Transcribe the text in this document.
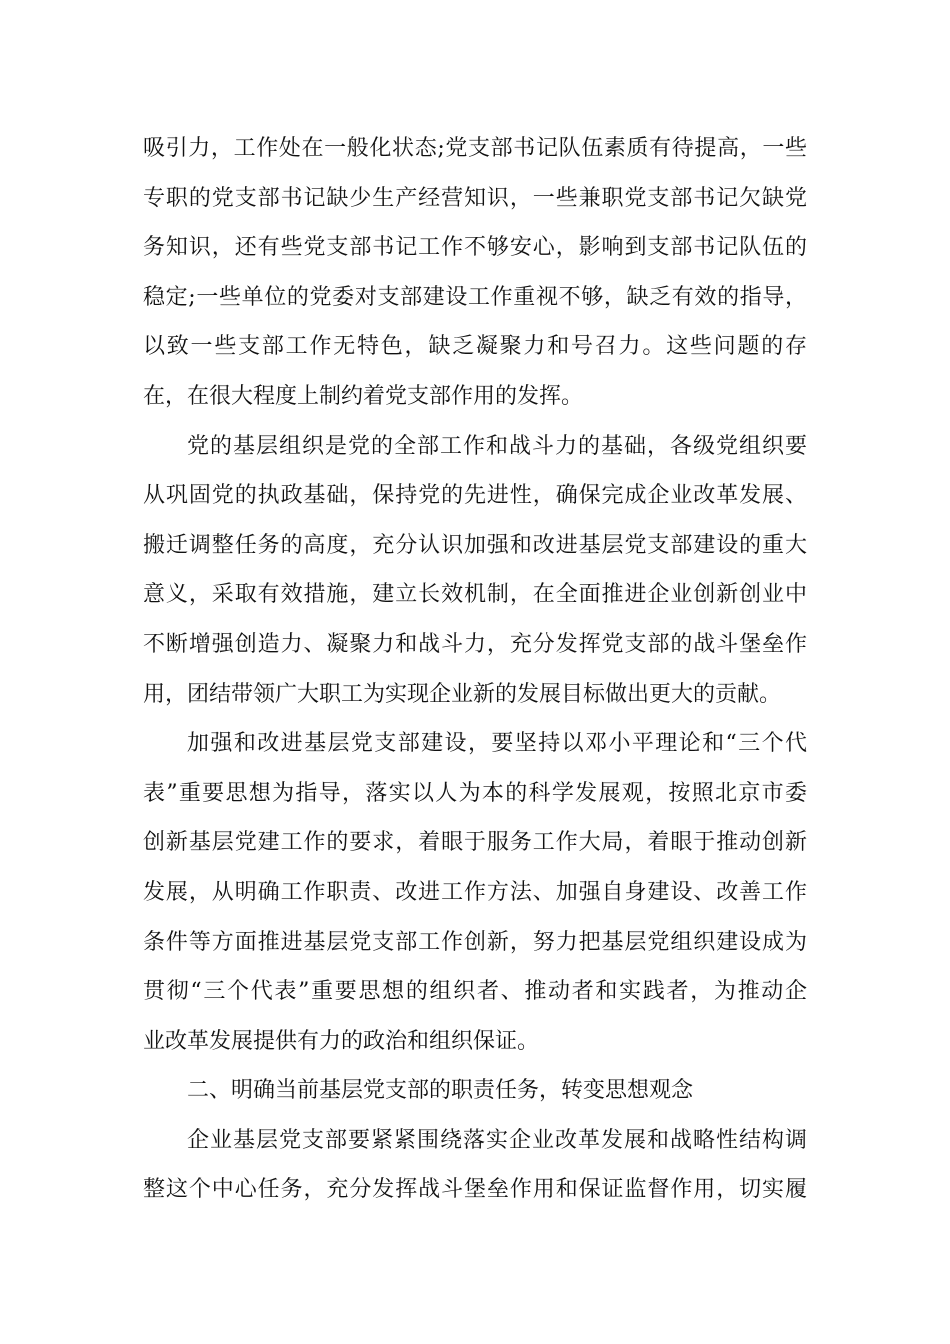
吸引力，工作处在一般化状态;党支部书记队伍素质有待提高，一些
专职的党支部书记缺少生产经营知识，一些兼职党支部书记欠缺党
务知识，还有些党支部书记工作不够安心，影响到支部书记队伍的
稳定;一些单位的党委对支部建设工作重视不够，缺乏有效的指导，
以致一些支部工作无特色，缺乏凝聚力和号召力。这些问题的存
在，在很大程度上制约着党支部作用的发挥。

党的基层组织是党的全部工作和战斗力的基础，各级党组织要
从巩固党的执政基础，保持党的先进性，确保完成企业改革发展、
搬迁调整任务的高度，充分认识加强和改进基层党支部建设的重大
意义，采取有效措施，建立长效机制，在全面推进企业创新创业中
不断增强创造力、凝聚力和战斗力，充分发挥党支部的战斗堡垒作
用，团结带领广大职工为实现企业新的发展目标做出更大的贡献。

加强和改进基层党支部建设，要坚持以邓小平理论和“三个代
表”重要思想为指导，落实以人为本的科学发展观，按照北京市委
创新基层党建工作的要求，着眼于服务工作大局，着眼于推动创新
发展，从明确工作职责、改进工作方法、加强自身建设、改善工作
条件等方面推进基层党支部工作创新，努力把基层党组织建设成为
贯彻“三个代表”重要思想的组织者、推动者和实践者，为推动企
业改革发展提供有力的政治和组织保证。

二、明确当前基层党支部的职责任务，转变思想观念

企业基层党支部要紧紧围绕落实企业改革发展和战略性结构调
整这个中心任务，充分发挥战斗堡垒作用和保证监督作用，切实履
